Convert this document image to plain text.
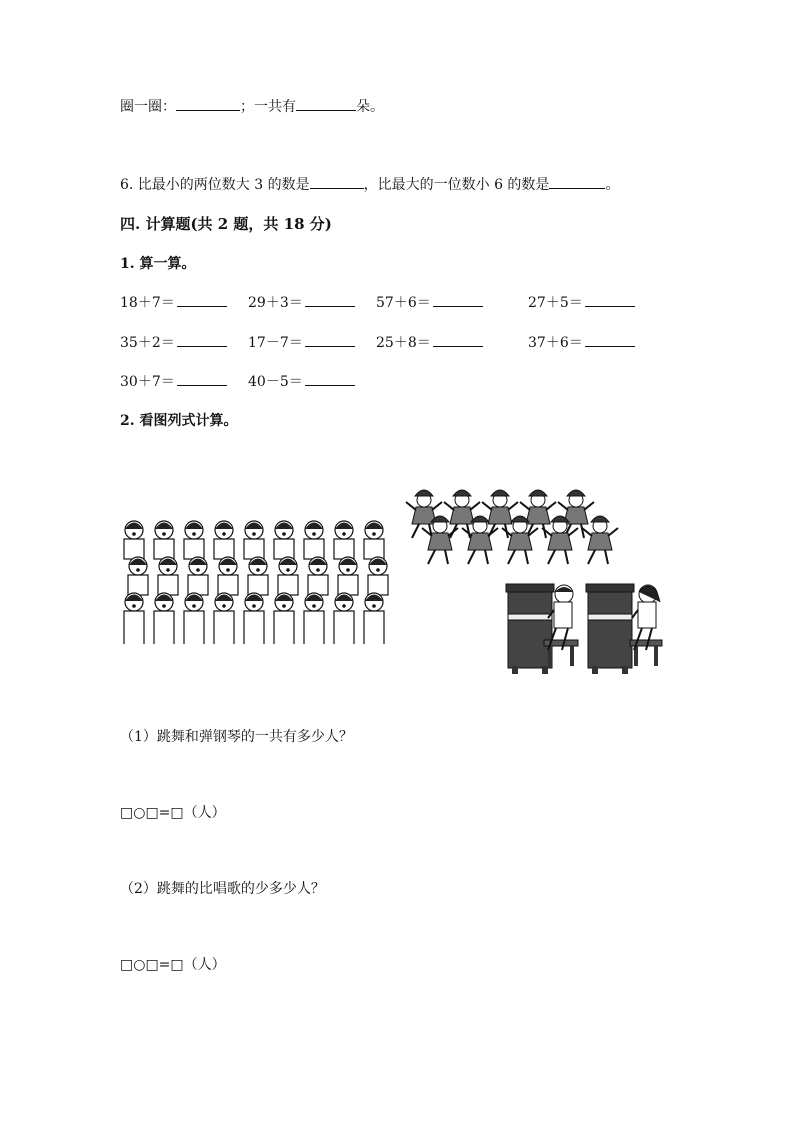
圈一圈：	；一共有	朵。
6. 比最小的两位数大 3 的数是	，比最大的一位数小 6 的数是	。
四. 计算题(共 2 题，共 18 分)
1. 算一算。
18＋7＝	29＋3＝	57＋6＝	27＋5＝
35＋2＝	17－7＝	25＋8＝	37＋6＝
30＋7＝	40－5＝
2. 看图列式计算。
（1）跳舞和弹钢琴的一共有多少人？
□○□=□（人）
（2）跳舞的比唱歌的少多少人？
□○□=□（人）
